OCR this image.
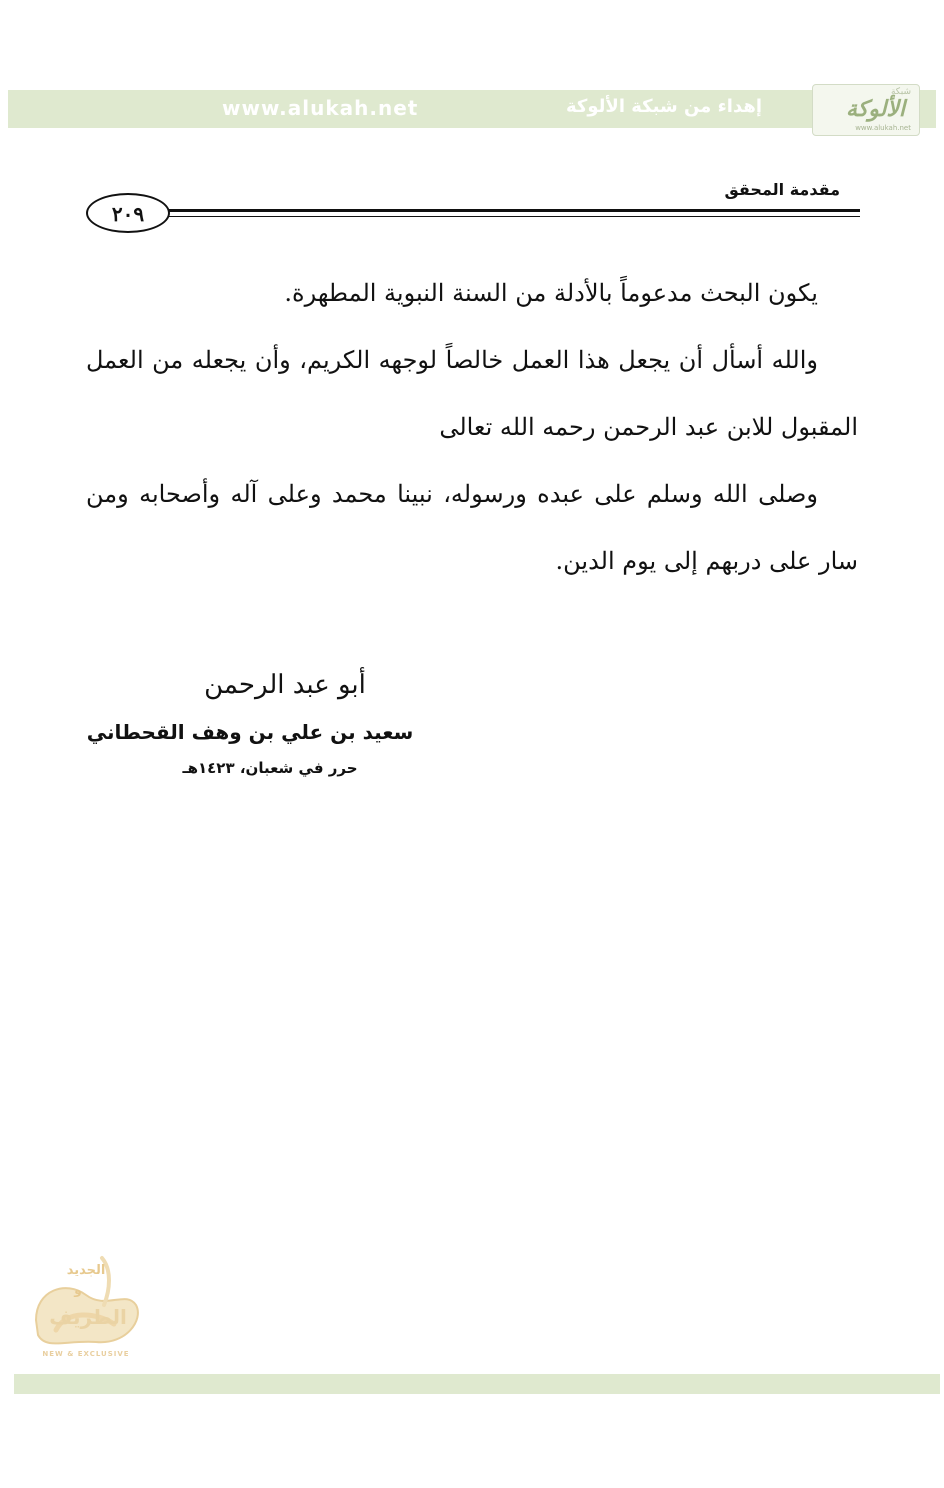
www.alukah.net	إهداء من شبكة الألوكة
شبكة
الألوكة
www.alukah.net
مقدمة المحقق
٢٠٩

يكون البحث مدعوماً بالأدلة من السنة النبوية المطهرة.

والله أسأل أن يجعل هذا العمل خالصاً لوجهه الكريم، وأن يجعله من العمل المقبول للابن عبد الرحمن رحمه الله تعالى

وصلى الله وسلم على عبده ورسوله، نبينا محمد وعلى آله وأصحابه ومن سار على دربهم إلى يوم الدين.

أبو عبد الرحمن
سعيد بن علي بن وهف القحطاني
حرر في شعبان، ١٤٢٣هـ
الجديد
و
الطريف
NEW & EXCLUSIVE
